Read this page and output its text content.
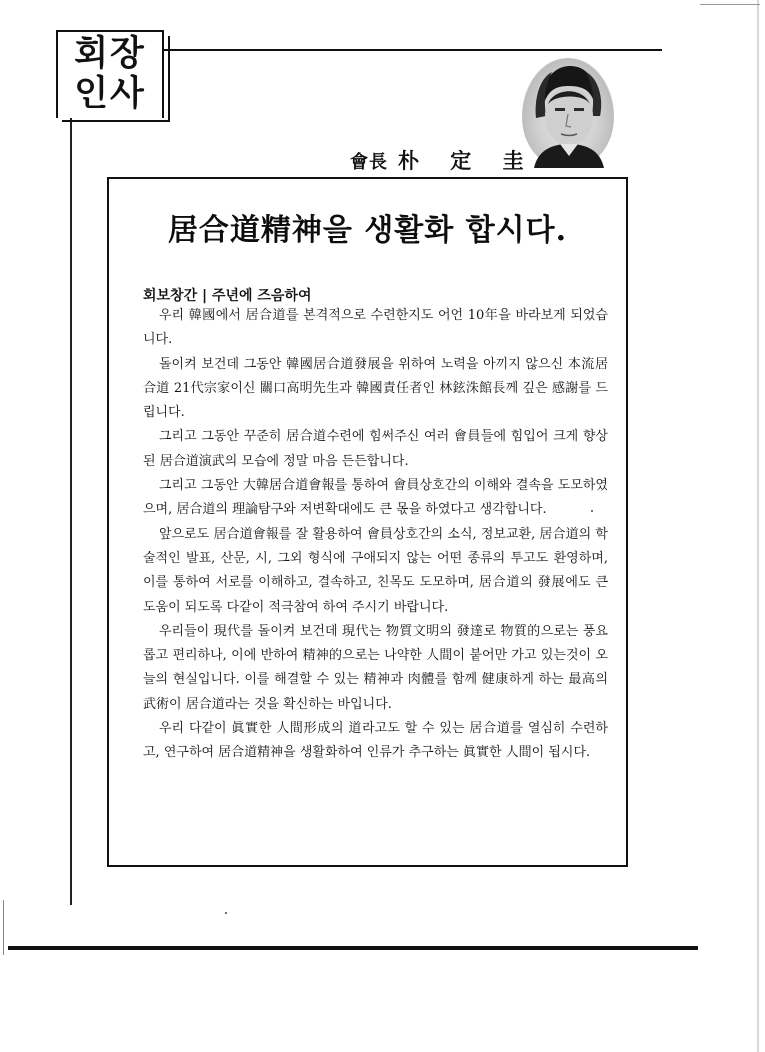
회장
인사
會長 朴 定 圭
居合道精神을 생활화 합시다.
회보창간 | 주년에 즈음하여

우리 韓國에서 居合道를 본격적으로 수련한지도 어언 10年을 바라보게 되었습니다.

돌이켜 보건데 그동안 韓國居合道發展을 위하여 노력을 아끼지 않으신 本流居合道 21代宗家이신 關口高明先生과 韓國責任者인 林鉉洙館長께 깊은 感謝를 드립니다.

그리고 그동안 꾸준히 居合道수련에 힘써주신 여러 會員들에 힘입어 크게 향상된 居合道演武의 모습에 정말 마음 든든합니다.

그리고 그동안 大韓居合道會報를 통하여 會員상호간의 이해와 결속을 도모하였으며, 居合道의 理論탐구와 저변확대에도 큰 몫을 하였다고 생각합니다.

앞으로도 居合道會報를 잘 활용하여 會員상호간의 소식, 정보교환, 居合道의 학술적인 발표, 산문, 시, 그외 형식에 구애되지 않는 어떤 종류의 투고도 환영하며, 이를 통하여 서로를 이해하고, 결속하고, 친목도 도모하며, 居合道의 發展에도 큰 도움이 되도록 다같이 적극참여 하여 주시기 바랍니다.

우리들이 現代를 돌이켜 보건데 現代는 物質文明의 發達로 物質的으로는 풍요롭고 편리하나, 이에 반하여 精神的으로는 나약한 人間이 붙어만 가고 있는것이 오늘의 현실입니다. 이를 해결할 수 있는 精神과 肉體를 함께 健康하게 하는 最高의 武術이 居合道라는 것을 확신하는 바입니다.

우리 다같이 眞實한 人間形成의 道라고도 할 수 있는 居合道를 열심히 수련하고, 연구하여 居合道精神을 생활화하여 인류가 추구하는 眞實한 人間이 됩시다.
